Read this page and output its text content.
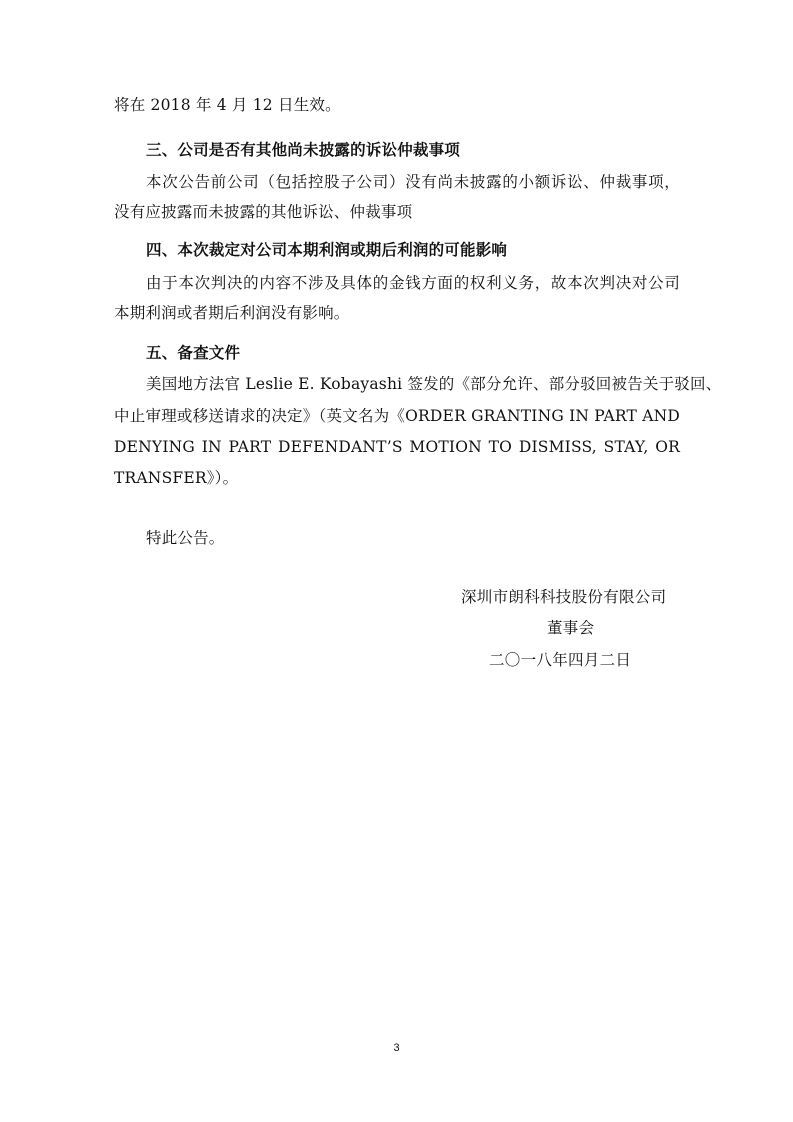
将在 2018 年 4 月 12 日生效。
三、公司是否有其他尚未披露的诉讼仲裁事项
本次公告前公司（包括控股子公司）没有尚未披露的小额诉讼、仲裁事项，
没有应披露而未披露的其他诉讼、仲裁事项
四、本次裁定对公司本期利润或期后利润的可能影响
由于本次判决的内容不涉及具体的金钱方面的权利义务，故本次判决对公司
本期利润或者期后利润没有影响。
五、备查文件
美国地方法官 Leslie E. Kobayashi 签发的《部分允许、部分驳回被告关于驳回、
中止审理或移送请求的决定》（英文名为《ORDER GRANTING IN PART AND
DENYING IN PART DEFENDANT’S MOTION TO DISMISS, STAY, OR
TRANSFER》）。
特此公告。
深圳市朗科科技股份有限公司
董事会
二〇一八年四月二日
3
